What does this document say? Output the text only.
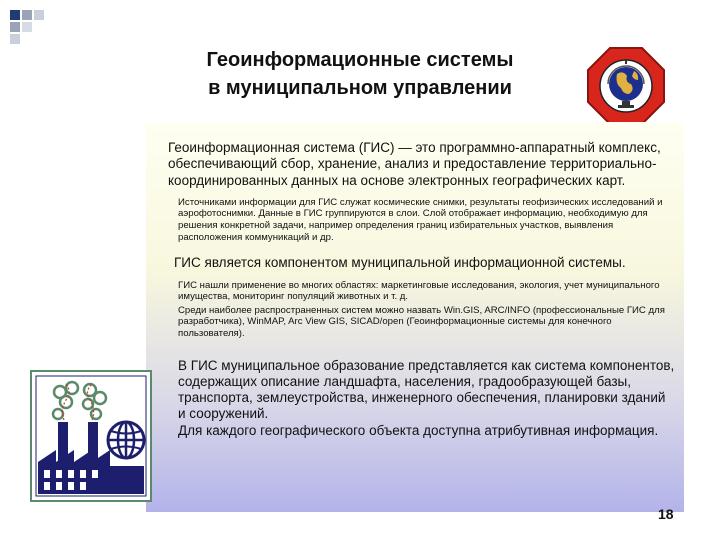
Геоинформационные системы
в муниципальном управлении

Геоинформационная система (ГИС) — это программно-аппаратный комплекс, обеспечивающий сбор, хранение, анализ и предоставление территориально-координированных данных на основе электронных географических карт.

Источниками информации для ГИС служат космические снимки, результаты геофизических исследований и аэрофотоснимки. Данные в ГИС группируются в слои. Слой отображает информацию, необходимую для решения конкретной задачи, например определения границ избирательных участков, выявления расположения коммуникаций и др.

ГИС является компонентом муниципальной информационной системы.

ГИС нашли применение во многих областях: маркетинговые исследования, экология, учет муниципального имущества, мониторинг популяций животных и т. д.

Среди наиболее распространенных систем можно назвать Win.GIS, ARC/INFO (профессиональные ГИС для разработчика), WinMAP, Arc View GIS, SICAD/open (Геоинформационные системы для конечного пользователя).

В ГИС муниципальное образование представляется как система компонентов, содержащих описание ландшафта, населения, градообразующей базы, транспорта, землеустройства, инженерного обеспечения, планировки зданий и сооружений.

Для каждого географического объекта доступна атрибутивная информация.

18
